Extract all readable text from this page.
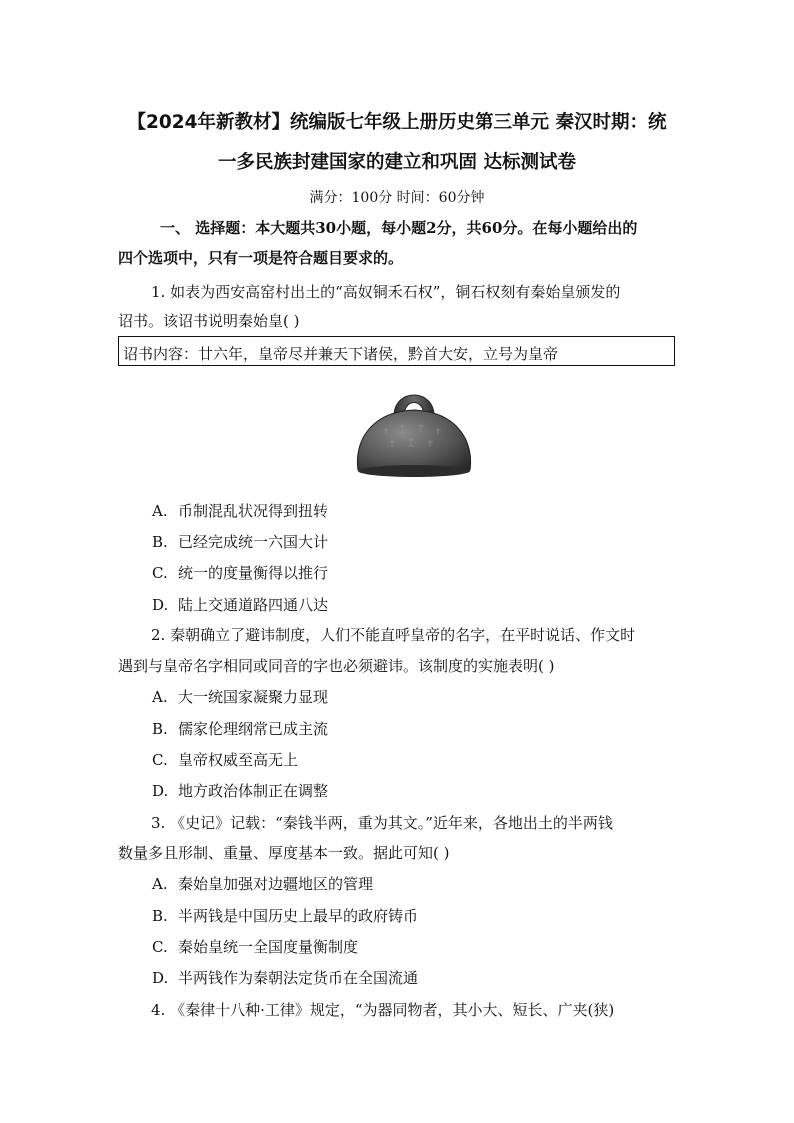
【2024年新教材】统编版七年级上册历史第三单元 秦汉时期：统
一多民族封建国家的建立和巩固 达标测试卷
满分：100分 时间：60分钟
一、 选择题：本大题共30小题，每小题2分，共60分。在每小题给出的
四个选项中，只有一项是符合题目要求的。
1. 如表为西安高窑村出土的“高奴铜禾石权”，铜石权刻有秦始皇颁发的
诏书。该诏书说明秦始皇( )
诏书内容：廿六年，皇帝尽并兼天下诸侯，黔首大安，立号为皇帝
A. 币制混乱状况得到扭转
B. 已经完成统一六国大计
C. 统一的度量衡得以推行
D. 陆上交通道路四通八达
2. 秦朝确立了避讳制度，人们不能直呼皇帝的名字，在平时说话、作文时
遇到与皇帝名字相同或同音的字也必须避讳。该制度的实施表明( )
A. 大一统国家凝聚力显现
B. 儒家伦理纲常已成主流
C. 皇帝权威至高无上
D. 地方政治体制正在调整
3. 《史记》记载：“秦钱半两，重为其文。”近年来，各地出土的半两钱
数量多且形制、重量、厚度基本一致。据此可知( )
A. 秦始皇加强对边疆地区的管理
B. 半两钱是中国历史上最早的政府铸币
C. 秦始皇统一全国度量衡制度
D. 半两钱作为秦朝法定货币在全国流通
4. 《秦律十八种·工律》规定，“为器同物者，其小大、短长、广夹(狭)
